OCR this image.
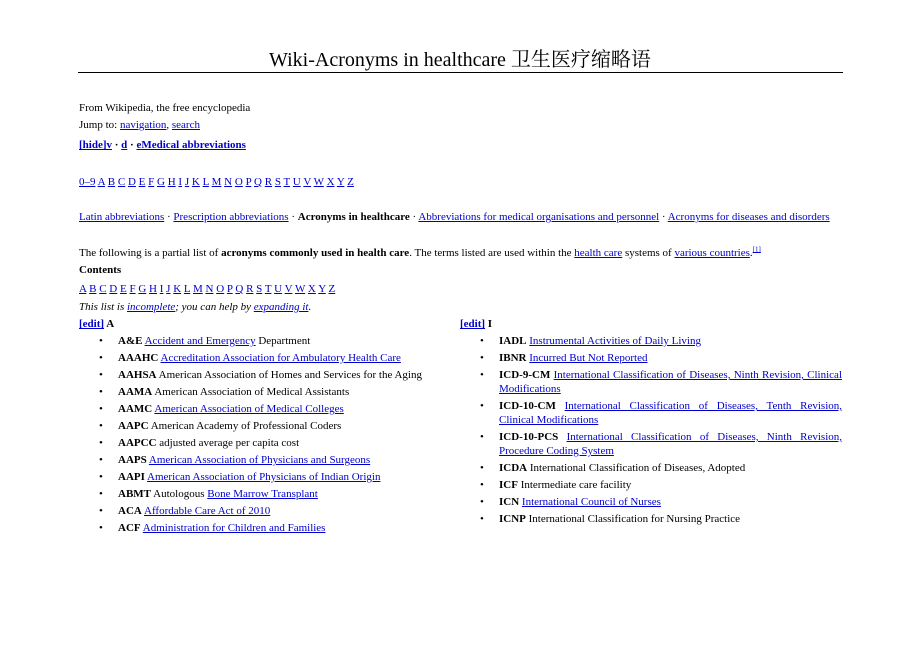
Wiki-Acronyms in healthcare 卫生医疗缩略语
From Wikipedia, the free encyclopedia
Jump to: navigation, search
[hide]v · d · eMedical abbreviations
0–9 A B C D E F G H I J K L M N O P Q R S T U V W X Y Z
Latin abbreviations · Prescription abbreviations · Acronyms in healthcare · Abbreviations for medical organisations and personnel · Acronyms for diseases and disorders
The following is a partial list of acronyms commonly used in health care. The terms listed are used within the health care systems of various countries.[1]
Contents
A B C D E F G H I J K L M N O P Q R S T U V W X Y Z
This list is incomplete; you can help by expanding it.
[edit] A
• A&E Accident and Emergency Department
• AAAHC Accreditation Association for Ambulatory Health Care
• AAHSA American Association of Homes and Services for the Aging
• AAMA American Association of Medical Assistants
• AAMC American Association of Medical Colleges
• AAPC American Academy of Professional Coders
• AAPCC adjusted average per capita cost
• AAPS American Association of Physicians and Surgeons
• AAPI American Association of Physicians of Indian Origin
• ABMT Autologous Bone Marrow Transplant
• ACA Affordable Care Act of 2010
• ACF Administration for Children and Families
[edit] I
• IADL Instrumental Activities of Daily Living
• IBNR Incurred But Not Reported
• ICD-9-CM International Classification of Diseases, Ninth Revision, Clinical Modifications
• ICD-10-CM International Classification of Diseases, Tenth Revision, Clinical Modifications
• ICD-10-PCS International Classification of Diseases, Ninth Revision, Procedure Coding System
• ICDA International Classification of Diseases, Adopted
• ICF Intermediate care facility
• ICN International Council of Nurses
• ICNP International Classification for Nursing Practice
